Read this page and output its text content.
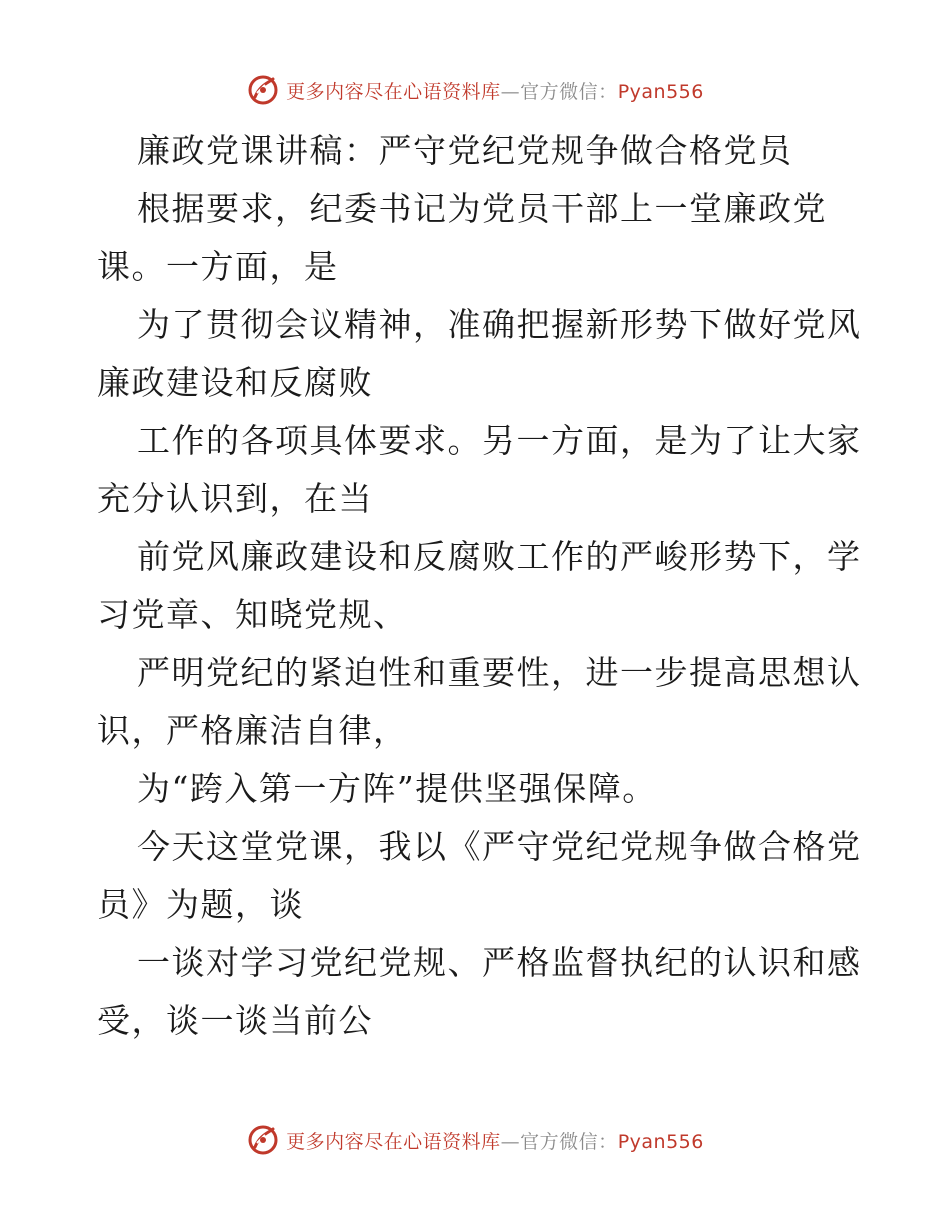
更多内容尽在心语资料库—官方微信：Pyan556
廉政党课讲稿：严守党纪党规争做合格党员
根据要求，纪委书记为党员干部上一堂廉政党
课。一方面，是
为了贯彻会议精神，准确把握新形势下做好党风
廉政建设和反腐败
工作的各项具体要求。另一方面，是为了让大家
充分认识到，在当
前党风廉政建设和反腐败工作的严峻形势下，学
习党章、知晓党规、
严明党纪的紧迫性和重要性，进一步提高思想认
识，严格廉洁自律，
为“跨入第一方阵”提供坚强保障。
今天这堂党课，我以《严守党纪党规争做合格党
员》为题，谈
一谈对学习党纪党规、严格监督执纪的认识和感
受，谈一谈当前公
更多内容尽在心语资料库—官方微信：Pyan556
